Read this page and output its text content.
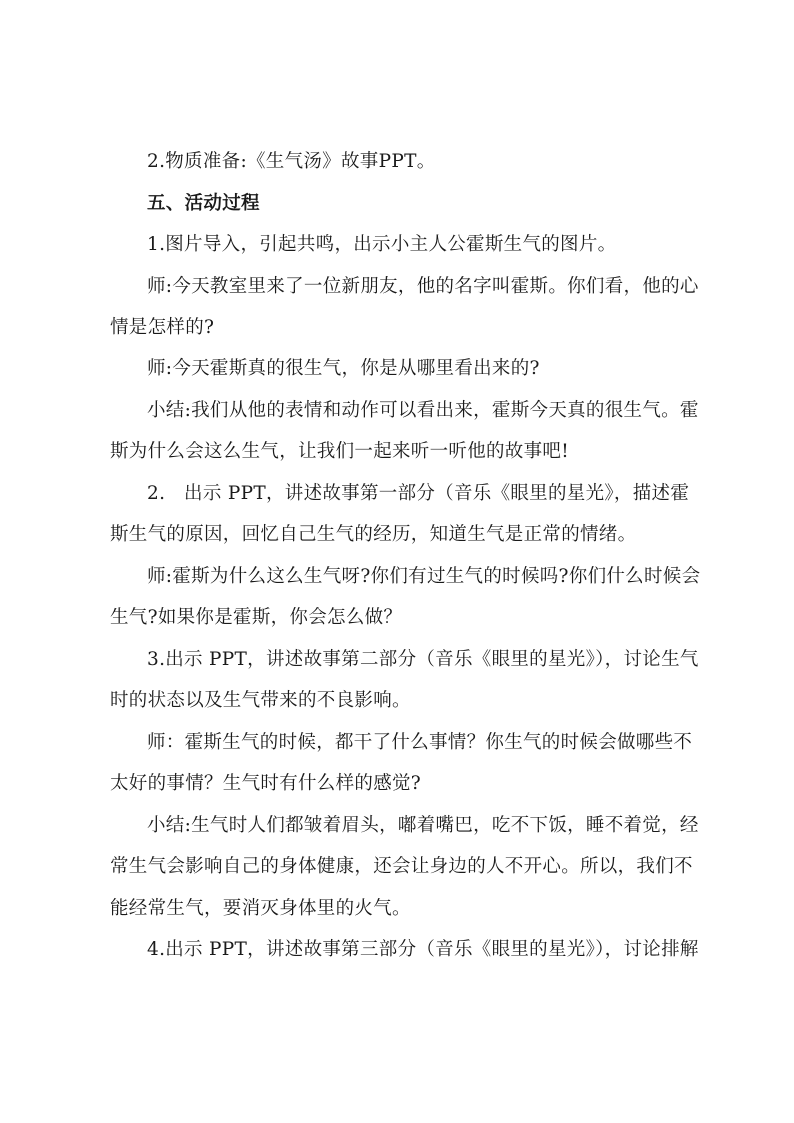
2.物质准备:《生气汤》故事PPT。
五、活动过程
1.图片导入，引起共鸣，出示小主人公霍斯生气的图片。
师:今天教室里来了一位新朋友，他的名字叫霍斯。你们看，他的心
情是怎样的?
师:今天霍斯真的很生气，你是从哪里看出来的?
小结:我们从他的表情和动作可以看出来，霍斯今天真的很生气。霍
斯为什么会这么生气，让我们一起来听一听他的故事吧!
2.　出示 PPT，讲述故事第一部分（音乐《眼里的星光》，描述霍
斯生气的原因，回忆自己生气的经历，知道生气是正常的情绪。
师:霍斯为什么这么生气呀?你们有过生气的时候吗?你们什么时候会
生气?如果你是霍斯，你会怎么做？
3.出示 PPT，讲述故事第二部分（音乐《眼里的星光》），讨论生气
时的状态以及生气带来的不良影响。
师：霍斯生气的时候，都干了什么事情？你生气的时候会做哪些不
太好的事情？生气时有什么样的感觉?
小结:生气时人们都皱着眉头，嘟着嘴巴，吃不下饭，睡不着觉，经
常生气会影响自己的身体健康，还会让身边的人不开心。所以，我们不
能经常生气，要消灭身体里的火气。
4.出示 PPT，讲述故事第三部分（音乐《眼里的星光》），讨论排解
